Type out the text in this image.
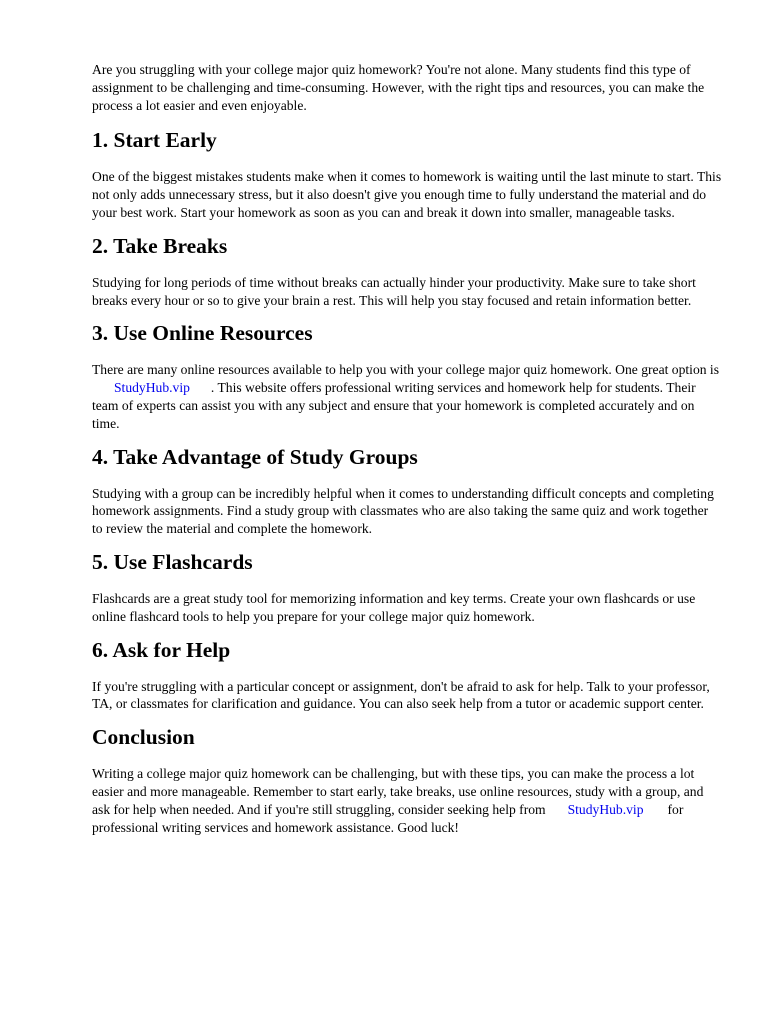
Are you struggling with your college major quiz homework? You're not alone. Many students find this type of assignment to be challenging and time-consuming. However, with the right tips and resources, you can make the process a lot easier and even enjoyable.

1. Start Early

One of the biggest mistakes students make when it comes to homework is waiting until the last minute to start. This not only adds unnecessary stress, but it also doesn't give you enough time to fully understand the material and do your best work. Start your homework as soon as you can and break it down into smaller, manageable tasks.

2. Take Breaks

Studying for long periods of time without breaks can actually hinder your productivity. Make sure to take short breaks every hour or so to give your brain a rest. This will help you stay focused and retain information better.

3. Use Online Resources

There are many online resources available to help you with your college major quiz homework. One great option isStudyHub.vip . This website offers professional writing services and homework help for students. Their team of experts can assist you with any subject and ensure that your homework is completed accurately and on time.

4. Take Advantage of Study Groups

Studying with a group can be incredibly helpful when it comes to understanding difficult concepts and completing homework assignments. Find a study group with classmates who are also taking the same quiz and work together to review the material and complete the homework.

5. Use Flashcards

Flashcards are a great study tool for memorizing information and key terms. Create your own flashcards or use online flashcard tools to help you prepare for your college major quiz homework.

6. Ask for Help

If you're struggling with a particular concept or assignment, don't be afraid to ask for help. Talk to your professor, TA, or classmates for clarification and guidance. You can also seek help from a tutor or academic support center.

Conclusion

Writing a college major quiz homework can be challenging, but with these tips, you can make the process a lot easier and more manageable. Remember to start early, take breaks, use online resources, study with a group, and ask for help when needed. And if you're still struggling, consider seeking help from StudyHub.vip for professional writing services and homework assistance. Good luck!
